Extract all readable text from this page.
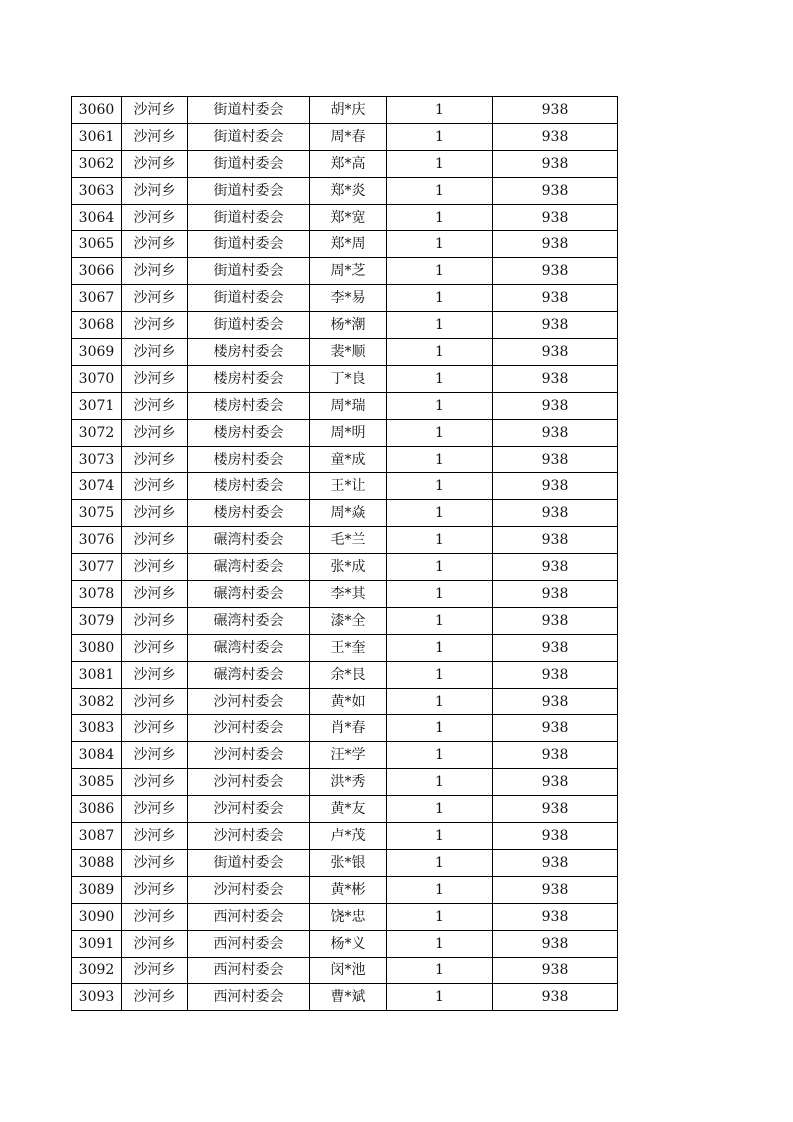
3060	沙河乡	街道村委会	胡*庆	1	938
3061	沙河乡	街道村委会	周*春	1	938
3062	沙河乡	街道村委会	郑*高	1	938
3063	沙河乡	街道村委会	郑*炎	1	938
3064	沙河乡	街道村委会	郑*宽	1	938
3065	沙河乡	街道村委会	郑*周	1	938
3066	沙河乡	街道村委会	周*芝	1	938
3067	沙河乡	街道村委会	李*易	1	938
3068	沙河乡	街道村委会	杨*潮	1	938
3069	沙河乡	楼房村委会	裴*顺	1	938
3070	沙河乡	楼房村委会	丁*良	1	938
3071	沙河乡	楼房村委会	周*瑞	1	938
3072	沙河乡	楼房村委会	周*明	1	938
3073	沙河乡	楼房村委会	童*成	1	938
3074	沙河乡	楼房村委会	王*让	1	938
3075	沙河乡	楼房村委会	周*焱	1	938
3076	沙河乡	碾湾村委会	毛*兰	1	938
3077	沙河乡	碾湾村委会	张*成	1	938
3078	沙河乡	碾湾村委会	李*其	1	938
3079	沙河乡	碾湾村委会	漆*全	1	938
3080	沙河乡	碾湾村委会	王*奎	1	938
3081	沙河乡	碾湾村委会	余*艮	1	938
3082	沙河乡	沙河村委会	黄*如	1	938
3083	沙河乡	沙河村委会	肖*春	1	938
3084	沙河乡	沙河村委会	汪*学	1	938
3085	沙河乡	沙河村委会	洪*秀	1	938
3086	沙河乡	沙河村委会	黄*友	1	938
3087	沙河乡	沙河村委会	卢*茂	1	938
3088	沙河乡	街道村委会	张*银	1	938
3089	沙河乡	沙河村委会	黄*彬	1	938
3090	沙河乡	西河村委会	饶*忠	1	938
3091	沙河乡	西河村委会	杨*义	1	938
3092	沙河乡	西河村委会	闵*池	1	938
3093	沙河乡	西河村委会	曹*斌	1	938
